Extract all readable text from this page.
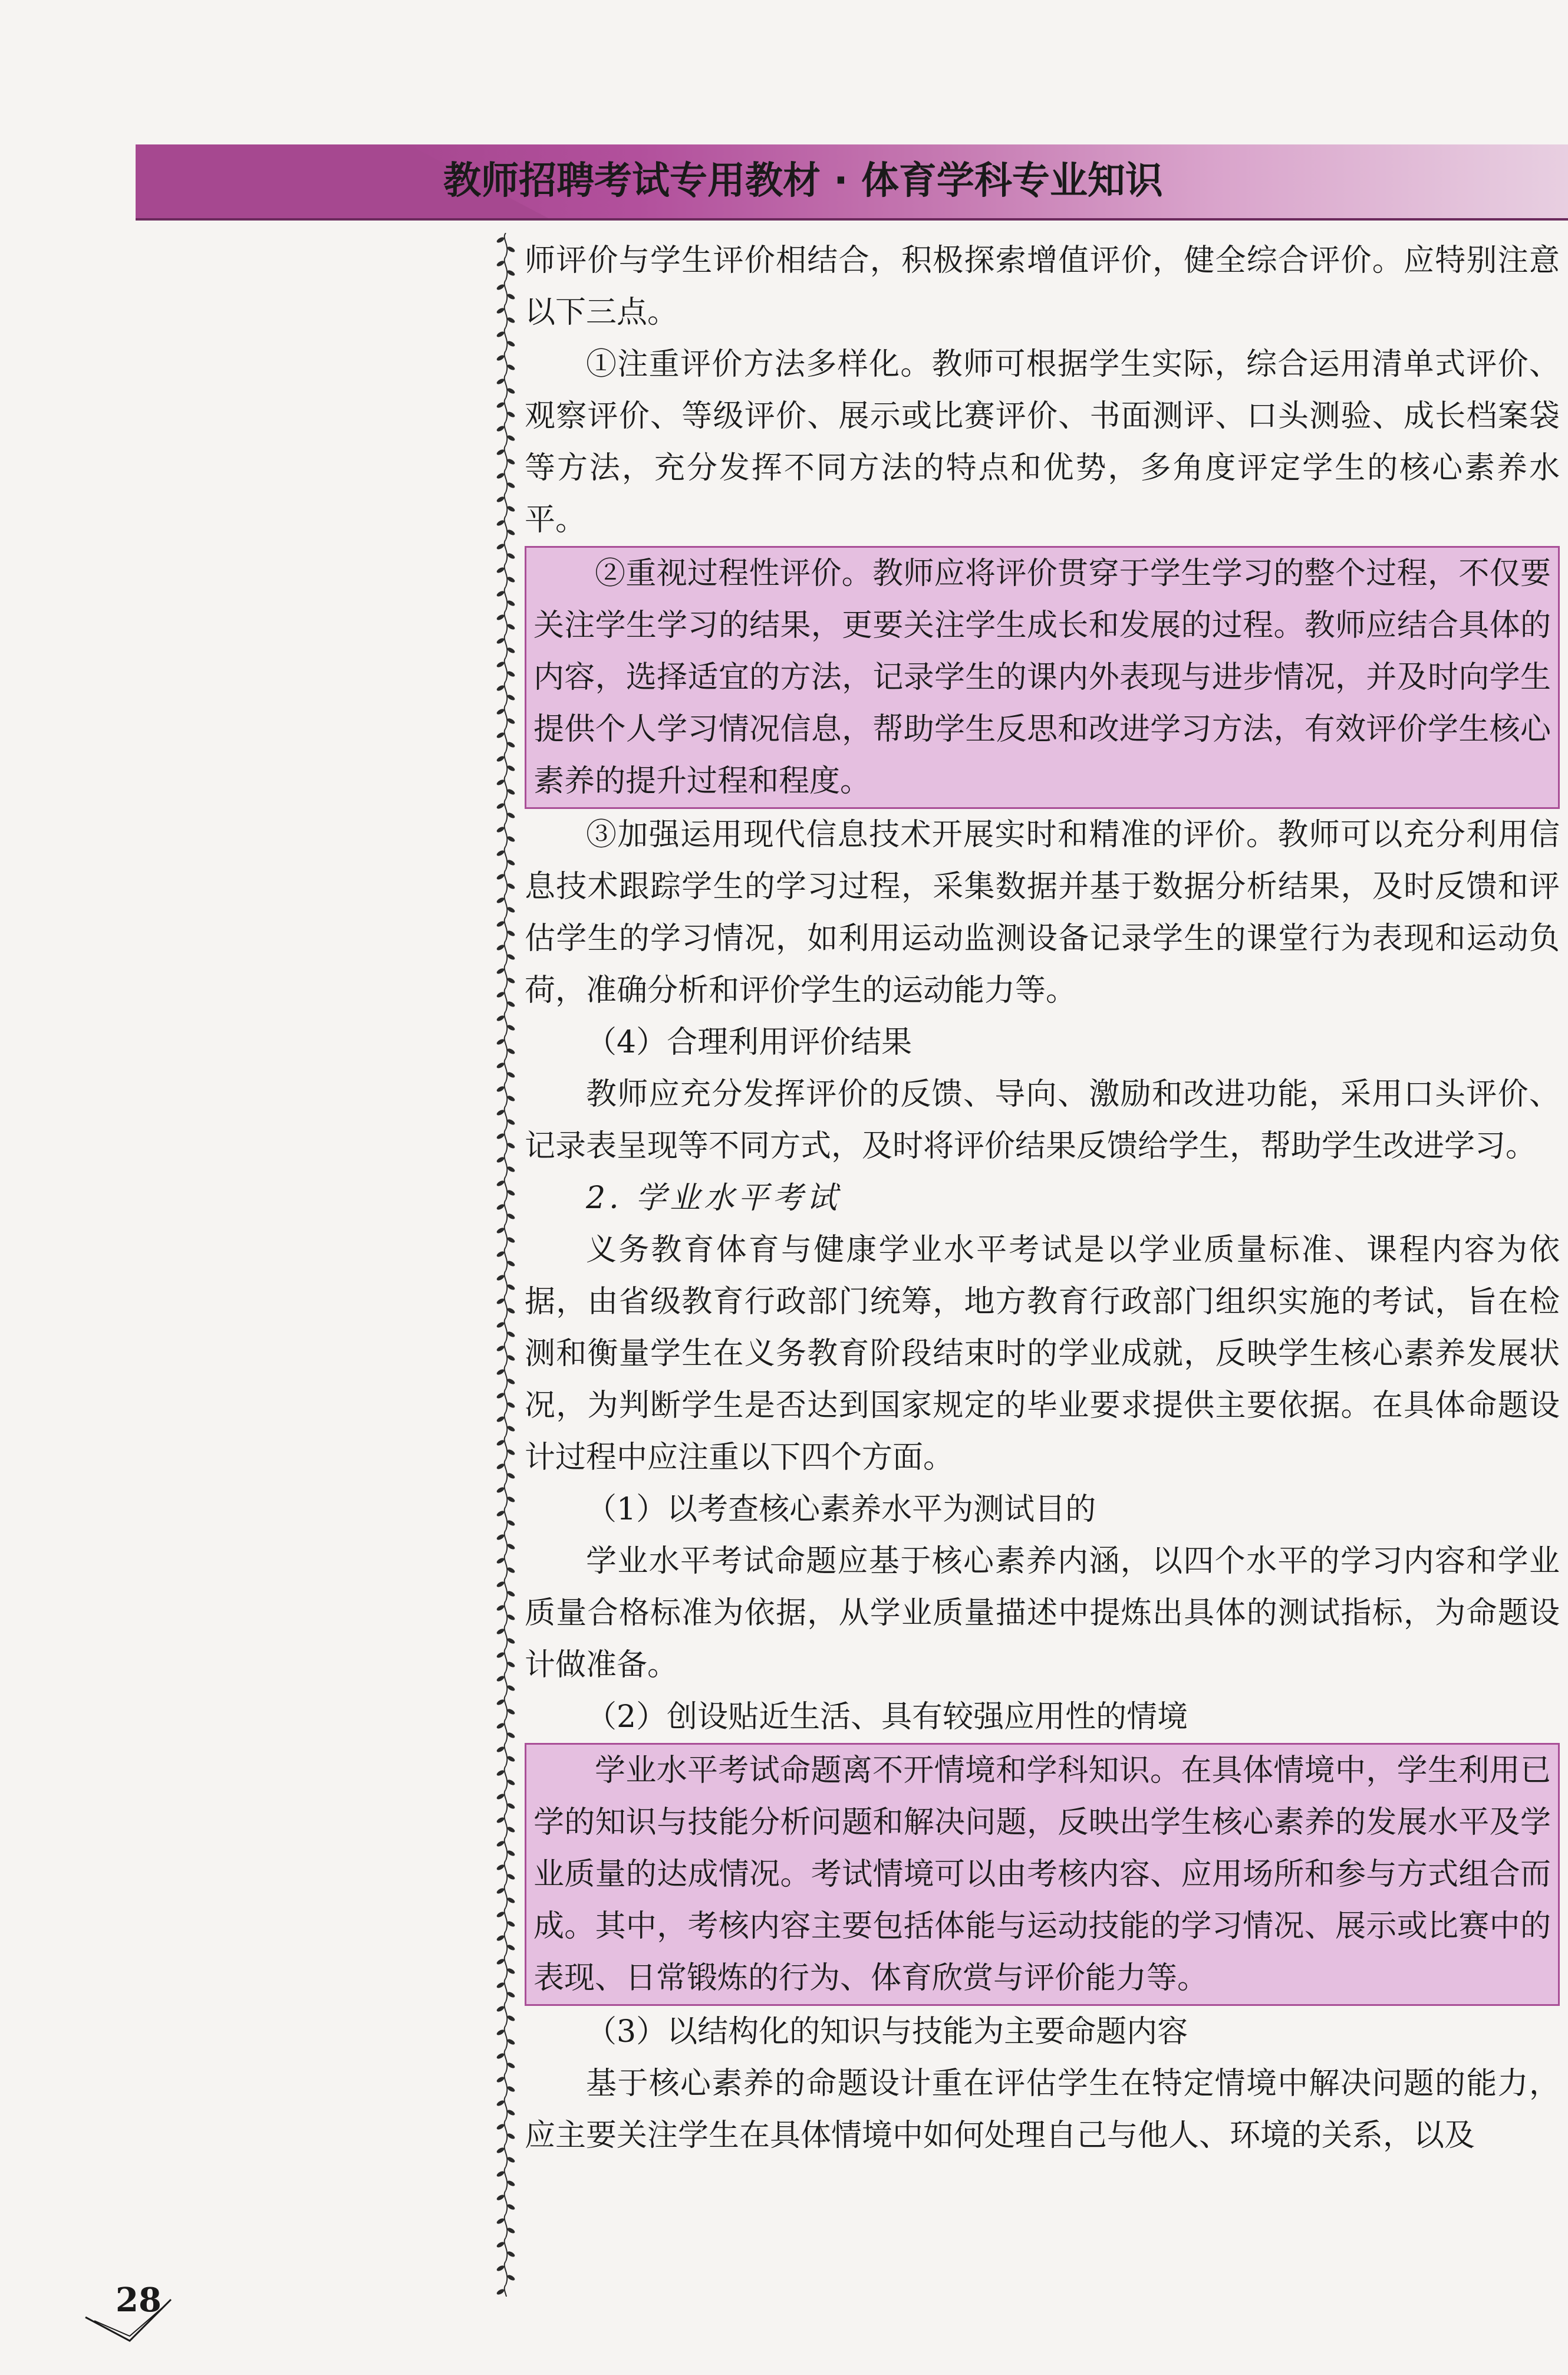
教师招聘考试专用教材 · 体育学科专业知识

师评价与学生评价相结合，积极探索增值评价，健全综合评价。应特别注意以下三点。

①注重评价方法多样化。教师可根据学生实际，综合运用清单式评价、观察评价、等级评价、展示或比赛评价、书面测评、口头测验、成长档案袋等方法，充分发挥不同方法的特点和优势，多角度评定学生的核心素养水平。

②重视过程性评价。教师应将评价贯穿于学生学习的整个过程，不仅要关注学生学习的结果，更要关注学生成长和发展的过程。教师应结合具体的内容，选择适宜的方法，记录学生的课内外表现与进步情况，并及时向学生提供个人学习情况信息，帮助学生反思和改进学习方法，有效评价学生核心素养的提升过程和程度。

③加强运用现代信息技术开展实时和精准的评价。教师可以充分利用信息技术跟踪学生的学习过程，采集数据并基于数据分析结果，及时反馈和评估学生的学习情况，如利用运动监测设备记录学生的课堂行为表现和运动负荷，准确分析和评价学生的运动能力等。

（4）合理利用评价结果

教师应充分发挥评价的反馈、导向、激励和改进功能，采用口头评价、记录表呈现等不同方式，及时将评价结果反馈给学生，帮助学生改进学习。

2. 学业水平考试

义务教育体育与健康学业水平考试是以学业质量标准、课程内容为依据，由省级教育行政部门统筹，地方教育行政部门组织实施的考试，旨在检测和衡量学生在义务教育阶段结束时的学业成就，反映学生核心素养发展状况，为判断学生是否达到国家规定的毕业要求提供主要依据。在具体命题设计过程中应注重以下四个方面。

（1）以考查核心素养水平为测试目的

学业水平考试命题应基于核心素养内涵，以四个水平的学习内容和学业质量合格标准为依据，从学业质量描述中提炼出具体的测试指标，为命题设计做准备。

（2）创设贴近生活、具有较强应用性的情境

学业水平考试命题离不开情境和学科知识。在具体情境中，学生利用已学的知识与技能分析问题和解决问题，反映出学生核心素养的发展水平及学业质量的达成情况。考试情境可以由考核内容、应用场所和参与方式组合而成。其中，考核内容主要包括体能与运动技能的学习情况、展示或比赛中的表现、日常锻炼的行为、体育欣赏与评价能力等。

（3）以结构化的知识与技能为主要命题内容

基于核心素养的命题设计重在评估学生在特定情境中解决问题的能力，应主要关注学生在具体情境中如何处理自己与他人、环境的关系，以及

28
